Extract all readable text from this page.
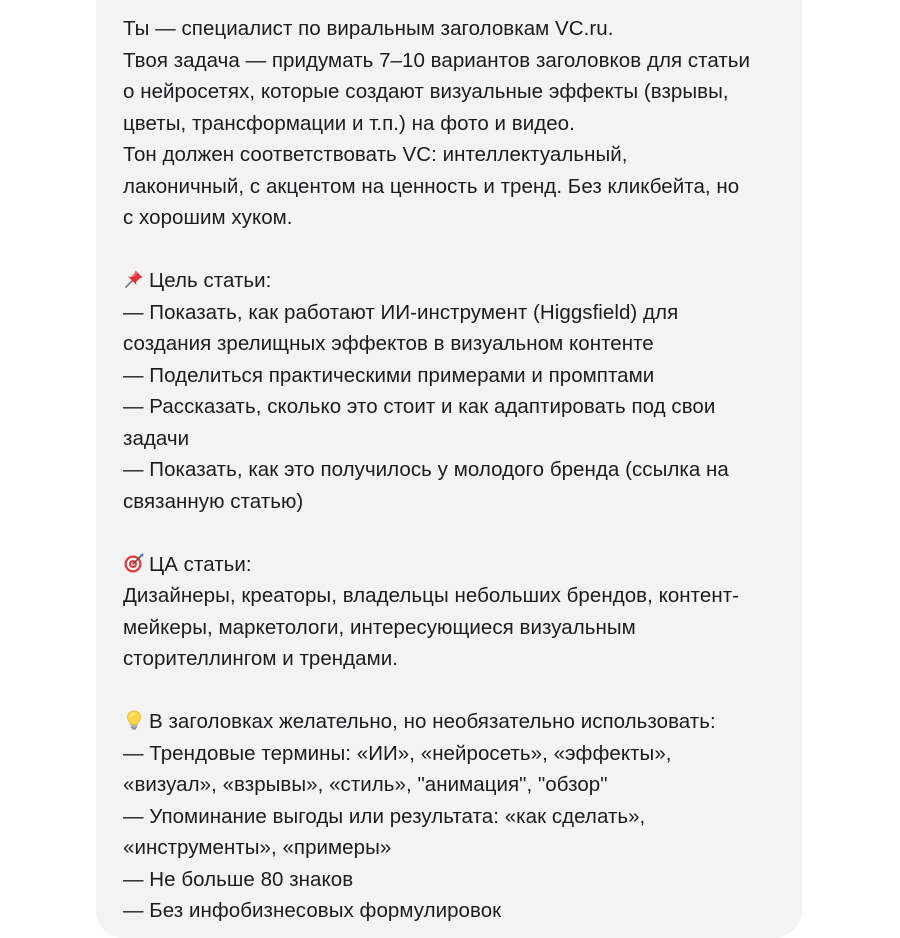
Ты — специалист по виральным заголовкам VC.ru.
Твоя задача — придумать 7–10 вариантов заголовков для статьи
о нейросетях, которые создают визуальные эффекты (взрывы,
цветы, трансформации и т.п.) на фото и видео.
Тон должен соответствовать VC: интеллектуальный,
лаконичный, с акцентом на ценность и тренд. Без кликбейта, но
с хорошим хуком.
Цель статьи:
— Показать, как работают ИИ-инструмент (Higgsfield) для
создания зрелищных эффектов в визуальном контенте
— Поделиться практическими примерами и промптами
— Рассказать, сколько это стоит и как адаптировать под свои
задачи
— Показать, как это получилось у молодого бренда (ссылка на
связанную статью)
ЦА статьи:
Дизайнеры, креаторы, владельцы небольших брендов, контент-
мейкеры, маркетологи, интересующиеся визуальным
сторителлингом и трендами.
В заголовках желательно, но необязательно использовать:
— Трендовые термины: «ИИ», «нейросеть», «эффекты»,
«визуал», «взрывы», «стиль», "анимация", "обзор"
— Упоминание выгоды или результата: «как сделать»,
«инструменты», «примеры»
— Не больше 80 знаков
— Без инфобизнесовых формулировок
